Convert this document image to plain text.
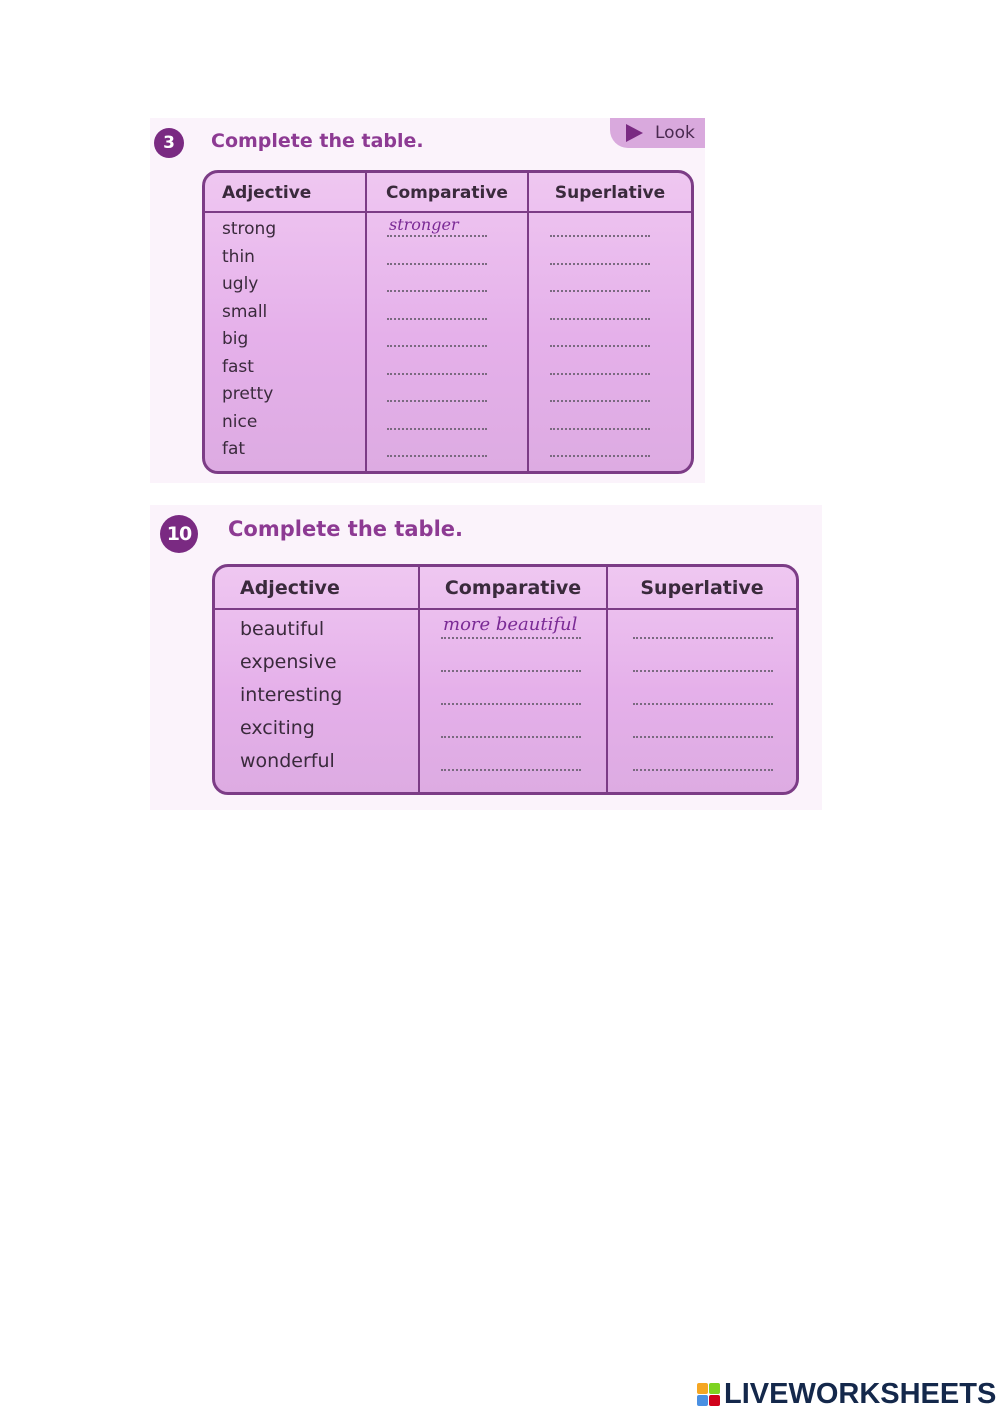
3	Complete the table.	Look
Adjective	Comparative	Superlative
strong	stronger
thin
ugly
small
big
fast
pretty
nice
fat
10	Complete the table.
Adjective	Comparative	Superlative
beautiful	more beautiful
expensive
interesting
exciting
wonderful
LIVEWORKSHEETS
